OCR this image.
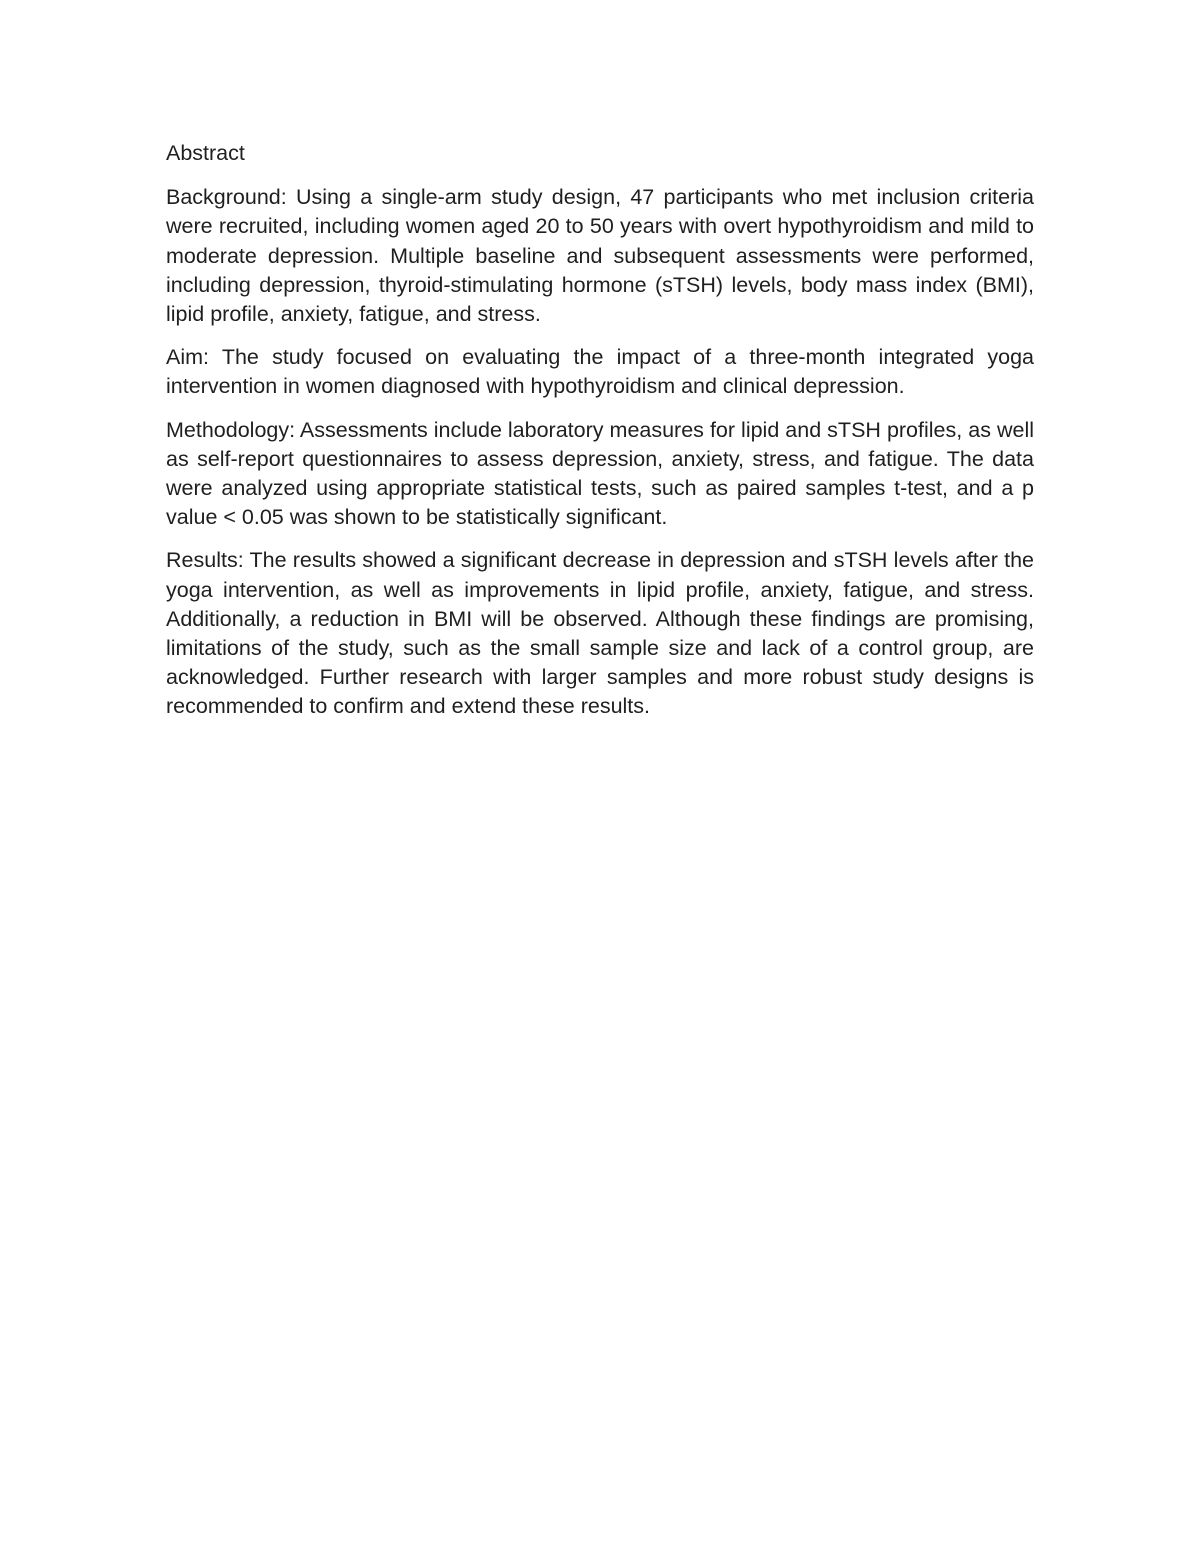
Abstract

Background: Using a single-arm study design, 47 participants who met inclusion criteria were recruited, including women aged 20 to 50 years with overt hypothyroidism and mild to moderate depression. Multiple baseline and subsequent assessments were performed, including depression, thyroid-stimulating hormone (sTSH) levels, body mass index (BMI), lipid profile, anxiety, fatigue, and stress.

Aim: The study focused on evaluating the impact of a three-month integrated yoga intervention in women diagnosed with hypothyroidism and clinical depression.

Methodology: Assessments include laboratory measures for lipid and sTSH profiles, as well as self-report questionnaires to assess depression, anxiety, stress, and fatigue. The data were analyzed using appropriate statistical tests, such as paired samples t-test, and a p value < 0.05 was shown to be statistically significant.

Results: The results showed a significant decrease in depression and sTSH levels after the yoga intervention, as well as improvements in lipid profile, anxiety, fatigue, and stress. Additionally, a reduction in BMI will be observed. Although these findings are promising, limitations of the study, such as the small sample size and lack of a control group, are acknowledged. Further research with larger samples and more robust study designs is recommended to confirm and extend these results.
